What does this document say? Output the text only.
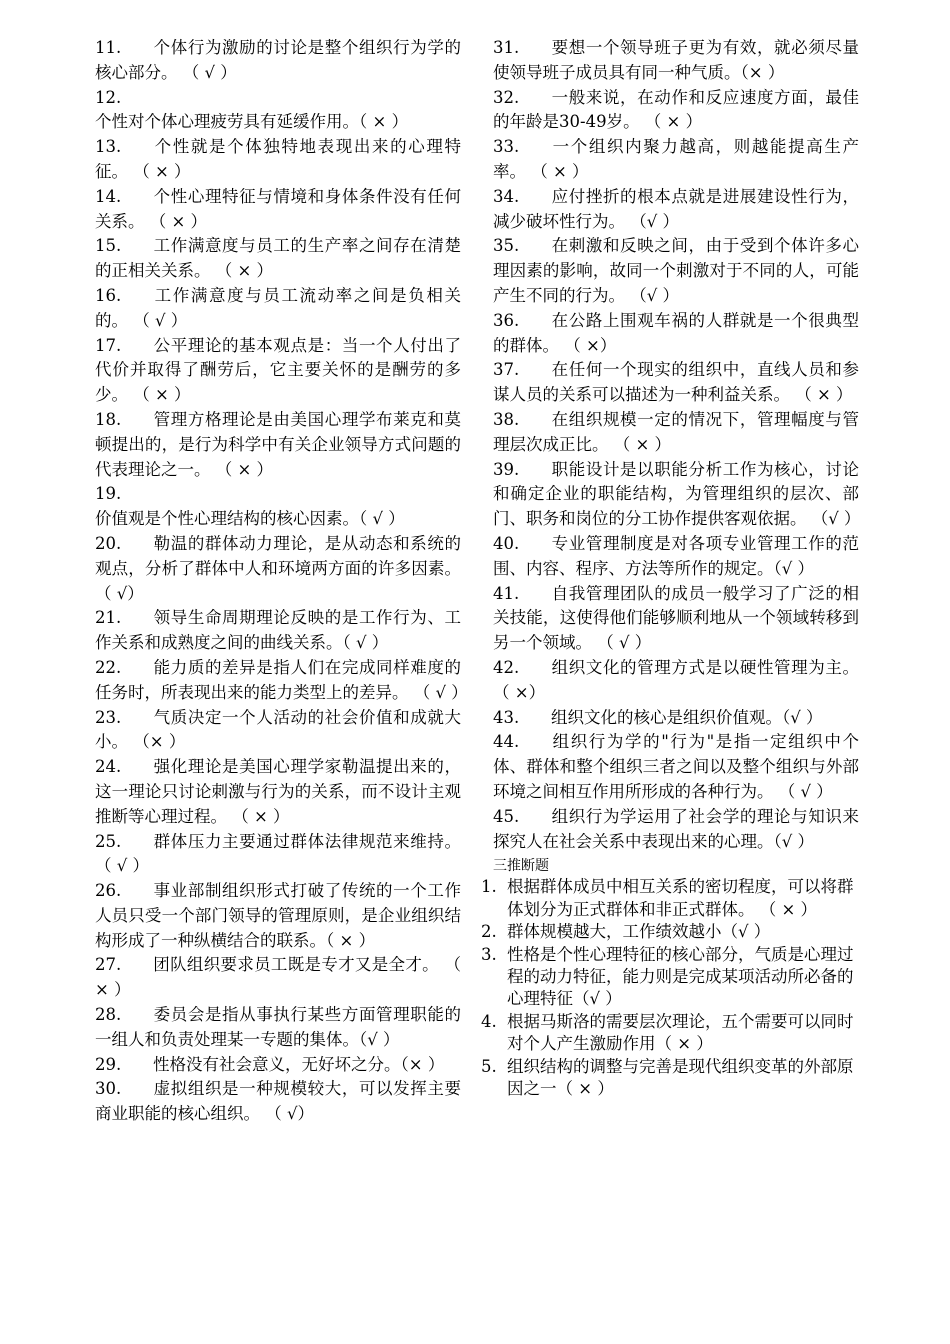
11. 个体行为激励的讨论是整个组织行为学的核心部分。 （ √ ）
12.个性对个体心理疲劳具有延缓作用。（ × ）
13. 个性就是个体独特地表现出来的心理特征。 （ × ）
14. 个性心理特征与情境和身体条件没有任何关系。 （ × ）
15. 工作满意度与员工的生产率之间存在清楚的正相关关系。 （ × ）
16. 工作满意度与员工流动率之间是负相关的。 （ √ ）
17. 公平理论的基本观点是：当一个人付出了代价并取得了酬劳后，它主要关怀的是酬劳的多少。 （ × ）
18. 管理方格理论是由美国心理学布莱克和莫顿提出的，是行为科学中有关企业领导方式问题的代表理论之一。 （ × ）
19.价值观是个性心理结构的核心因素。（ √ ）
20. 勒温的群体动力理论，是从动态和系统的观点，分析了群体中人和环境两方面的许多因素。 （ √）
21. 领导生命周期理论反映的是工作行为、工作关系和成熟度之间的曲线关系。（ √ ）
22. 能力质的差异是指人们在完成同样难度的任务时，所表现出来的能力类型上的差异。 （ √ ）
23. 气质决定一个人活动的社会价值和成就大小。 （× ）
24. 强化理论是美国心理学家勒温提出来的，这一理论只讨论刺激与行为的关系，而不设计主观推断等心理过程。 （ × ）
25. 群体压力主要通过群体法律规范来维持。 （ √ ）
26. 事业部制组织形式打破了传统的一个工作人员只受一个部门领导的管理原则，是企业组织结构形成了一种纵横结合的联系。（ × ）
27. 团队组织要求员工既是专才又是全才。 （ × ）
28. 委员会是指从事执行某些方面管理职能的一组人和负责处理某一专题的集体。（√ ）
29. 性格没有社会意义，无好坏之分。（× ）
30. 虚拟组织是一种规模较大，可以发挥主要商业职能的核心组织。 （ √）
31. 要想一个领导班子更为有效，就必须尽量使领导班子成员具有同一种气质。（× ）
32. 一般来说，在动作和反应速度方面，最佳的年龄是30-49岁。 （ × ）
33. 一个组织内聚力越高，则越能提高生产率。 （ × ）
34. 应付挫折的根本点就是进展建设性行为，减少破坏性行为。 （√ ）
35. 在刺激和反映之间，由于受到个体许多心理因素的影响，故同一个刺激对于不同的人，可能产生不同的行为。 （√ ）
36. 在公路上围观车祸的人群就是一个很典型的群体。 （ ×）
37. 在任何一个现实的组织中，直线人员和参谋人员的关系可以描述为一种利益关系。 （ × ）
38. 在组织规模一定的情况下，管理幅度与管理层次成正比。 （ × ）
39. 职能设计是以职能分析工作为核心，讨论和确定企业的职能结构，为管理组织的层次、部门、职务和岗位的分工协作提供客观依据。 （√ ）
40. 专业管理制度是对各项专业管理工作的范围、内容、程序、方法等所作的规定。（√ ）
41. 自我管理团队的成员一般学习了广泛的相关技能，这使得他们能够顺利地从一个领域转移到另一个领域。 （ √ ）
42. 组织文化的管理方式是以硬性管理为主。 （ ×）
43. 组织文化的核心是组织价值观。（√ ）
44. 组织行为学的"行为"是指一定组织中个体、群体和整个组织三者之间以及整个组织与外部环境之间相互作用所形成的各种行为。 （ √ ）
45. 组织行为学运用了社会学的理论与知识来探究人在社会关系中表现出来的心理。（√ ）
三推断题
1. 根据群体成员中相互关系的密切程度，可以将群体划分为正式群体和非正式群体。 （ × ）
2. 群体规模越大，工作绩效越小（√ ）
3. 性格是个性心理特征的核心部分，气质是心理过程的动力特征，能力则是完成某项活动所必备的心理特征（√ ）
4. 根据马斯洛的需要层次理论，五个需要可以同时对个人产生激励作用（ × ）
5. 组织结构的调整与完善是现代组织变革的外部原因之一（ × ）
